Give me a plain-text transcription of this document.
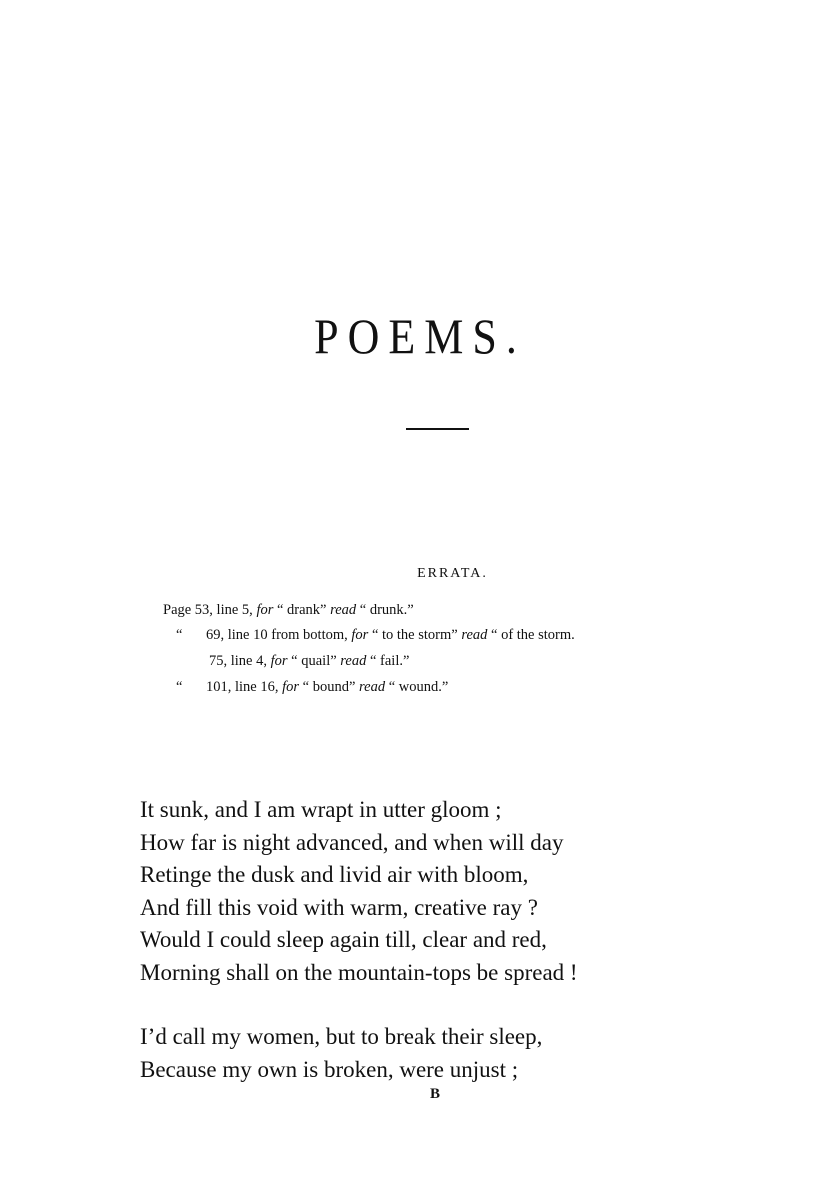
POEMS.
ERRATA.
Page 53, line 5, for “ drank” read “ drunk.”
“ 69, line 10 from bottom, for “ to the storm” read “ of the storm.
75, line 4, for “ quail” read “ fail.”
“ 101, line 16, for “ bound” read “ wound.”
It sunk, and I am wrapt in utter gloom ;
How far is night advanced, and when will day
Retinge the dusk and livid air with bloom,
And fill this void with warm, creative ray ?
Would I could sleep again till, clear and red,
Morning shall on the mountain-tops be spread !
I’d call my women, but to break their sleep,
Because my own is broken, were unjust ;
B
